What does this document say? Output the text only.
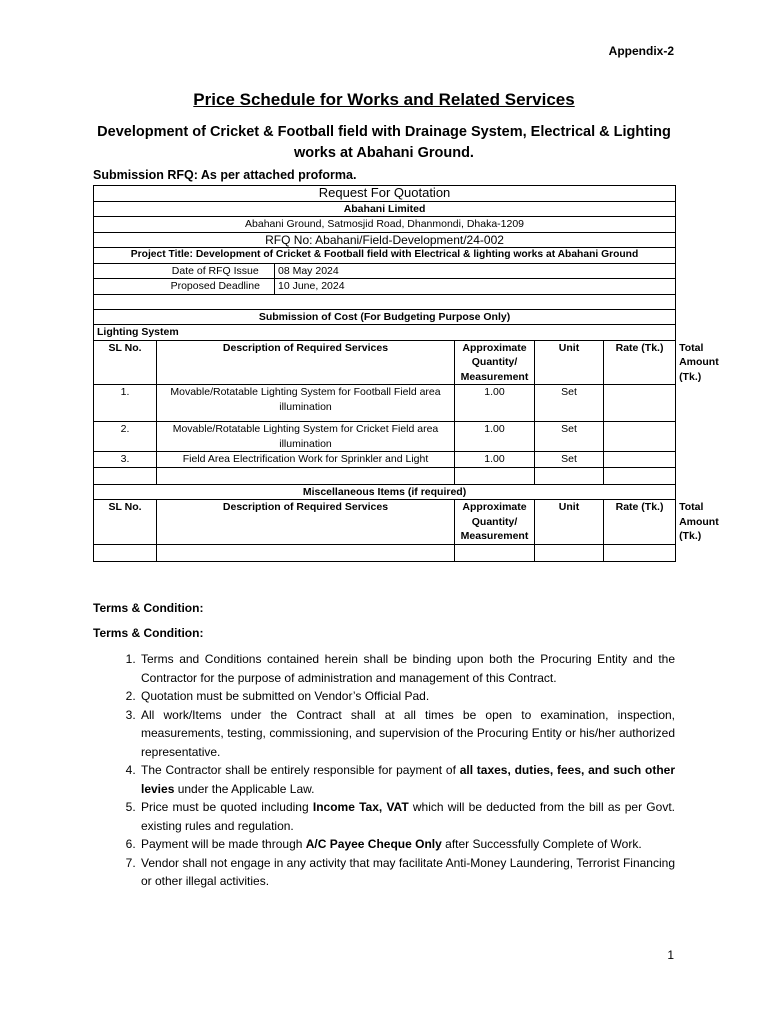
Appendix-2
Price Schedule for Works and Related Services
Development of Cricket & Football field with Drainage System, Electrical & Lighting works at Abahani Ground.
Submission RFQ: As per attached proforma.
Request For Quotation						
Abahani Limited						
Abahani Ground, Satmosjid Road, Dhanmondi, Dhaka-1209						
RFQ No: Abahani/Field-Development/24-002						
Project Title: Development of Cricket & Football field with Electrical & lighting works at Abahani Ground						
	Date of RFQ Issue	08 May 2024				
	Proposed Deadline	10 June, 2024				

Submission of Cost (For Budgeting Purpose Only)						
Lighting System						
SL No.	Description of Required Services		Approximate Quantity/ Measurement	Unit	Rate (Tk.)	Total Amount (Tk.)
1.	Movable/Rotatable Lighting System for Football Field area illumination		1.00	Set		
2.	Movable/Rotatable Lighting System for Cricket Field area illumination		1.00	Set		
3.	Field Area Electrification Work for Sprinkler and Light		1.00	Set		

Miscellaneous Items (if required)						
SL No.	Description of Required Services		Approximate Quantity/ Measurement	Unit	Rate (Tk.)	Total Amount (Tk.)

Terms & Condition:
Terms & Condition:
1. Terms and Conditions contained herein shall be binding upon both the Procuring Entity and the Contractor for the purpose of administration and management of this Contract.
2. Quotation must be submitted on Vendor’s Official Pad.
3. All work/Items under the Contract shall at all times be open to examination, inspection, measurements, testing, commissioning, and supervision of the Procuring Entity or his/her authorized representative.
4. The Contractor shall be entirely responsible for payment of all taxes, duties, fees, and such other levies under the Applicable Law.
5. Price must be quoted including Income Tax, VAT which will be deducted from the bill as per Govt. existing rules and regulation.
6. Payment will be made through A/C Payee Cheque Only after Successfully Complete of Work.
7. Vendor shall not engage in any activity that may facilitate Anti-Money Laundering, Terrorist Financing or other illegal activities.
1
